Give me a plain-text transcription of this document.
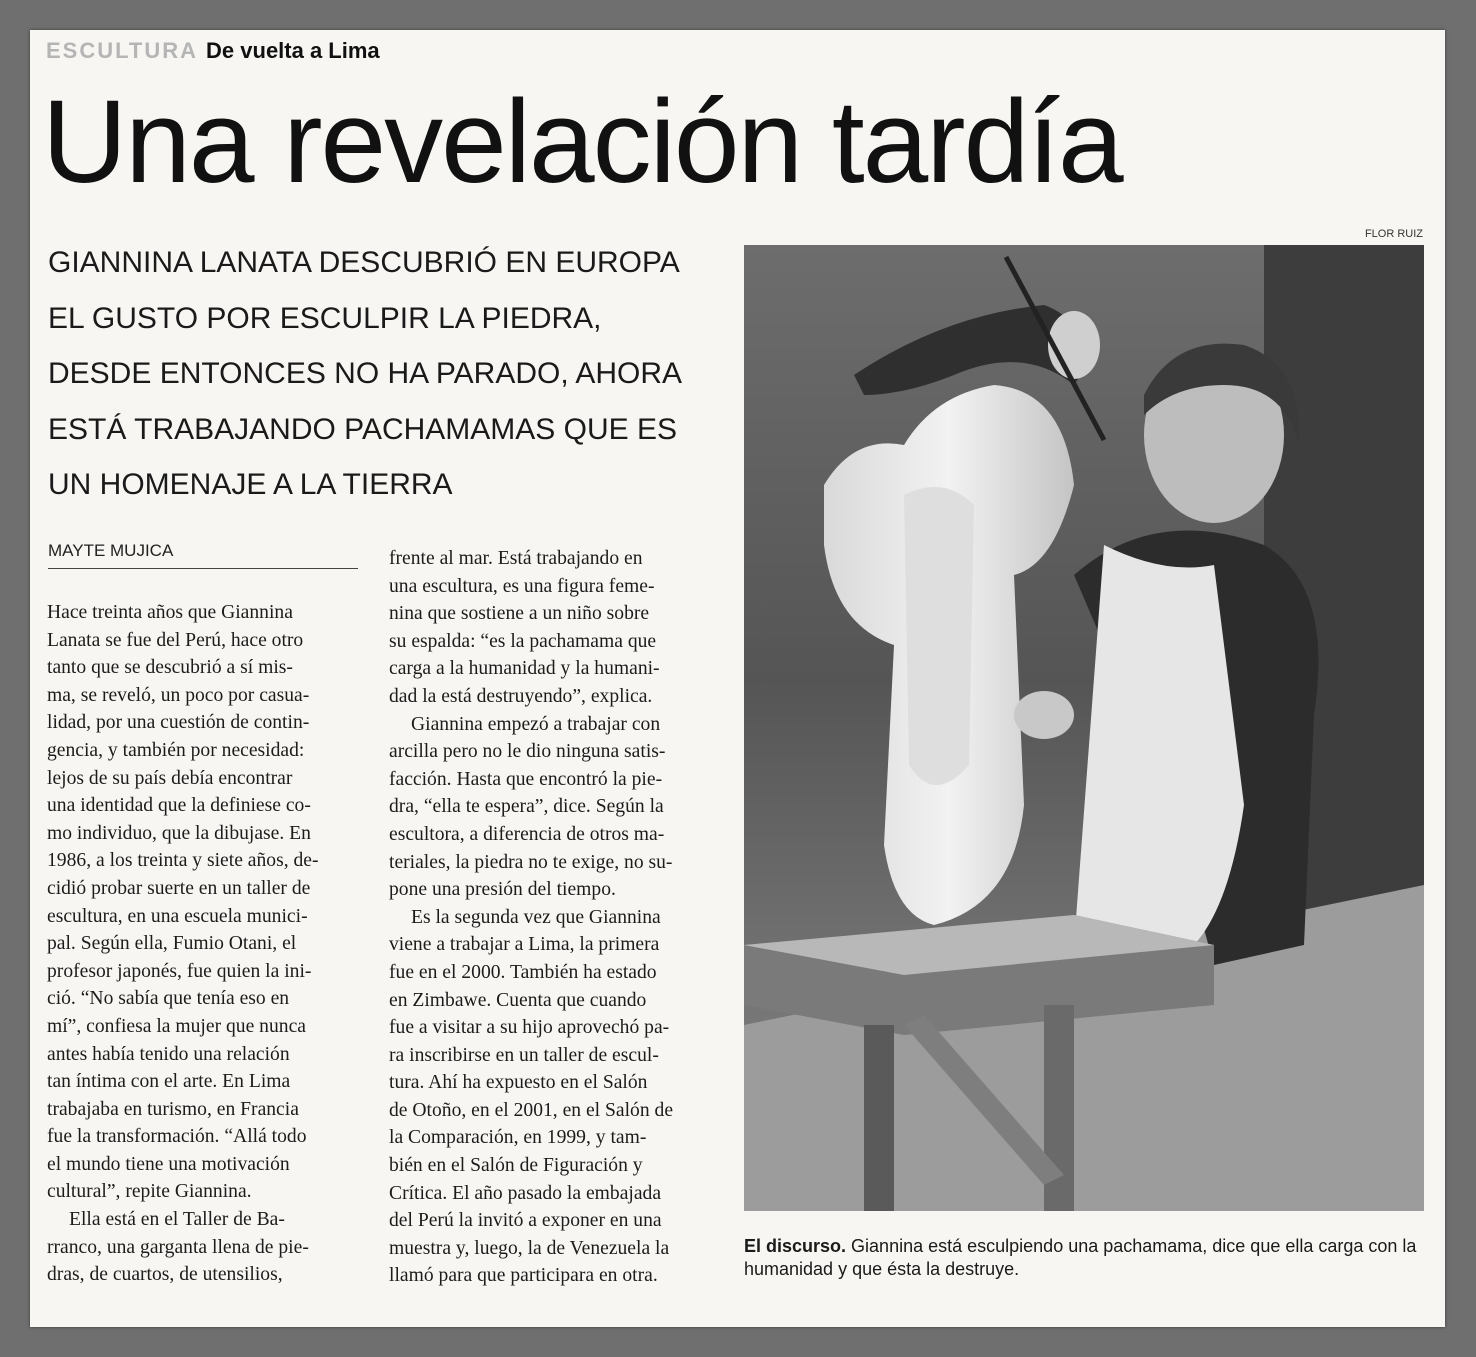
ESCULTURA De vuelta a Lima
Una revelación tardía
GIANNINA LANATA DESCUBRIÓ EN EUROPA
EL GUSTO POR ESCULPIR LA PIEDRA,
DESDE ENTONCES NO HA PARADO, AHORA
ESTÁ TRABAJANDO PACHAMAMAS QUE ES
UN HOMENAJE A LA TIERRA
MAYTE MUJICA
Hace treinta años que Giannina
Lanata se fue del Perú, hace otro
tanto que se descubrió a sí mis-
ma, se reveló, un poco por casua-
lidad, por una cuestión de contin-
gencia, y también por necesidad:
lejos de su país debía encontrar
una identidad que la definiese co-
mo individuo, que la dibujase. En
1986, a los treinta y siete años, de-
cidió probar suerte en un taller de
escultura, en una escuela munici-
pal. Según ella, Fumio Otani, el
profesor japonés, fue quien la ini-
ció. “No sabía que tenía eso en
mí”, confiesa la mujer que nunca
antes había tenido una relación
tan íntima con el arte. En Lima
trabajaba en turismo, en Francia
fue la transformación. “Allá todo
el mundo tiene una motivación
cultural”, repite Giannina.
Ella está en el Taller de Ba-
rranco, una garganta llena de pie-
dras, de cuartos, de utensilios,
frente al mar. Está trabajando en
una escultura, es una figura feme-
nina que sostiene a un niño sobre
su espalda: “es la pachamama que
carga a la humanidad y la humani-
dad la está destruyendo”, explica.
Giannina empezó a trabajar con
arcilla pero no le dio ninguna satis-
facción. Hasta que encontró la pie-
dra, “ella te espera”, dice. Según la
escultora, a diferencia de otros ma-
teriales, la piedra no te exige, no su-
pone una presión del tiempo.
Es la segunda vez que Giannina
viene a trabajar a Lima, la primera
fue en el 2000. También ha estado
en Zimbawe. Cuenta que cuando
fue a visitar a su hijo aprovechó pa-
ra inscribirse en un taller de escul-
tura. Ahí ha expuesto en el Salón
de Otoño, en el 2001, en el Salón de
la Comparación, en 1999, y tam-
bién en el Salón de Figuración y
Crítica. El año pasado la embajada
del Perú la invitó a exponer en una
muestra y, luego, la de Venezuela la
llamó para que participara en otra.
FLOR RUIZ
El discurso. Giannina está esculpiendo una pachamama, dice que ella carga con la humanidad y que ésta la destruye.
